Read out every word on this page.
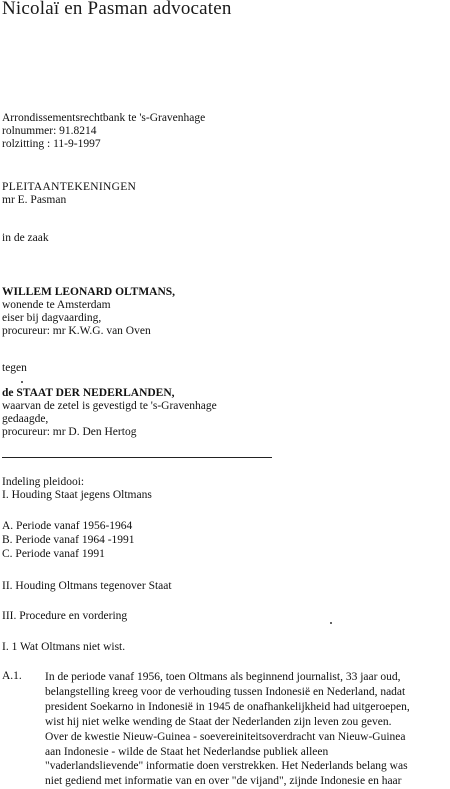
Nicolaï en Pasman advocaten
Arrondissementsrechtbank te 's-Gravenhage
rolnummer: 91.8214
rolzitting : 11-9-1997
PLEITAANTEKENINGEN
mr E. Pasman
in de zaak
WILLEM LEONARD OLTMANS,
wonende te Amsterdam
eiser bij dagvaarding,
procureur: mr K.W.G. van Oven
tegen
de STAAT DER NEDERLANDEN,
waarvan de zetel is gevestigd te 's-Gravenhage
gedaagde,
procureur: mr D. Den Hertog
Indeling pleidooi:
I. Houding Staat jegens Oltmans
A. Periode vanaf 1956-1964
B. Periode vanaf 1964 -1991
C. Periode vanaf 1991
II. Houding Oltmans tegenover Staat
III. Procedure en vordering
I. 1 Wat Oltmans niet wist.
A.1. In de periode vanaf 1956, toen Oltmans als beginnend journalist, 33 jaar oud,
belangstelling kreeg voor de verhouding tussen Indonesië en Nederland, nadat
president Soekarno in Indonesië in 1945 de onafhankelijkheid had uitgeroepen,
wist hij niet welke wending de Staat der Nederlanden zijn leven zou geven.
Over de kwestie Nieuw-Guinea - soevereiniteitsoverdracht van Nieuw-Guinea
aan Indonesie - wilde de Staat het Nederlandse publiek alleen
"vaderlandslievende" informatie doen verstrekken. Het Nederlands belang was
niet gediend met informatie van en over "de vijand", zijnde Indonesie en haar
